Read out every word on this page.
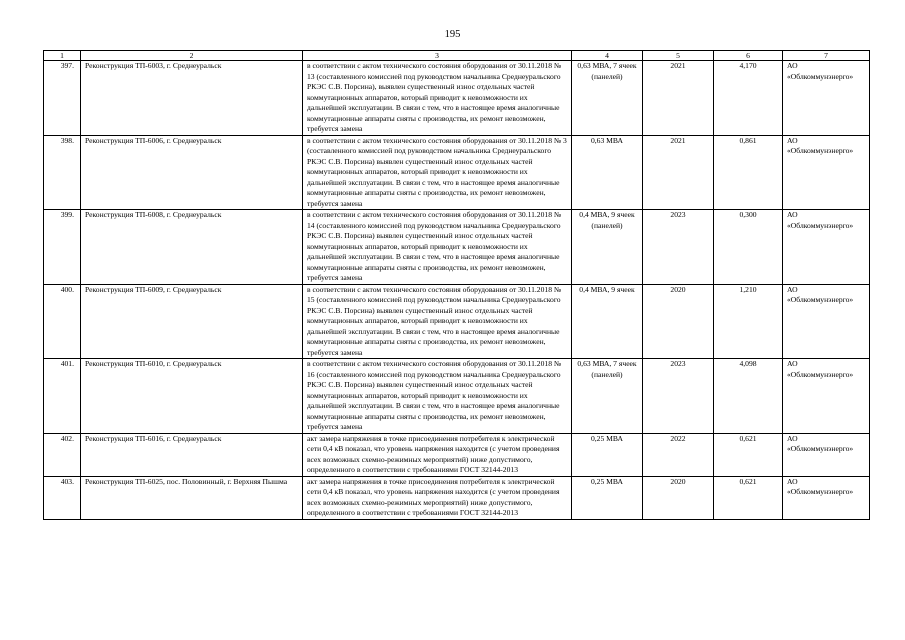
195
1	2	3	4	5	6	7
397.	Реконструкция ТП-6003, г. Среднеуральск	в соответствии с актом технического состояния оборудования от 30.11.2018 № 13 (составленного комиссией под руководством начальника Среднеуральского РКЭС С.В. Порсина), выявлен существенный износ отдельных частей коммутационных аппаратов, который приводит к невозможности их дальнейшей эксплуатации. В связи с тем, что в настоящее время аналогичные коммутационные аппараты сняты с производства, их ремонт невозможен, требуется замена	0,63 МВА, 7 ячеек (панелей)	2021	4,170	АО «Облкоммунэнерго»
398.	Реконструкция ТП-6006, г. Среднеуральск	в соответствии с актом технического состояния оборудования от 30.11.2018 № 3 (составленного комиссией под руководством начальника Среднеуральского РКЭС С.В. Порсина) выявлен существенный износ отдельных частей коммутационных аппаратов, который приводит к невозможности их дальнейшей эксплуатации. В связи с тем, что в настоящее время аналогичные коммутационные аппараты сняты с производства, их ремонт невозможен, требуется замена	0,63 МВА	2021	0,861	АО «Облкоммунэнерго»
399.	Реконструкция ТП-6008, г. Среднеуральск	в соответствии с актом технического состояния оборудования от 30.11.2018 № 14 (составленного комиссией под руководством начальника Среднеуральского РКЭС С.В. Порсина) выявлен существенный износ отдельных частей коммутационных аппаратов, который приводит к невозможности их дальнейшей эксплуатации. В связи с тем, что в настоящее время аналогичные коммутационные аппараты сняты с производства, их ремонт невозможен, требуется замена	0,4 МВА, 9 ячеек (панелей)	2023	0,300	АО «Облкоммунэнерго»
400.	Реконструкция ТП-6009, г. Среднеуральск	в соответствии с актом технического состояния оборудования от 30.11.2018 № 15 (составленного комиссией под руководством начальника Среднеуральского РКЭС С.В. Порсина) выявлен существенный износ отдельных частей коммутационных аппаратов, который приводит к невозможности их дальнейшей эксплуатации. В связи с тем, что в настоящее время аналогичные коммутационные аппараты сняты с производства, их ремонт невозможен, требуется замена	0,4 МВА, 9 ячеек	2020	1,210	АО «Облкоммунэнерго»
401.	Реконструкция ТП-6010, г. Среднеуральск	в соответствии с актом технического состояния оборудования от 30.11.2018 № 16 (составленного комиссией под руководством начальника Среднеуральского РКЭС С.В. Порсина) выявлен существенный износ отдельных частей коммутационных аппаратов, который приводит к невозможности их дальнейшей эксплуатации. В связи с тем, что в настоящее время аналогичные коммутационные аппараты сняты с производства, их ремонт невозможен, требуется замена	0,63 МВА, 7 ячеек (панелей)	2023	4,098	АО «Облкоммунэнерго»
402.	Реконструкция ТП-6016, г. Среднеуральск	акт замера напряжения в точке присоединения потребителя к электрической сети 0,4 кВ показал, что уровень напряжения находится (с учетом проведения всех возможных схемно-режимных мероприятий) ниже допустимого, определенного в соответствии с требованиями ГОСТ 32144-2013	0,25 МВА	2022	0,621	АО «Облкоммунэнерго»
403.	Реконструкция ТП-6025, пос. Половинный, г. Верхняя Пышма	акт замера напряжения в точке присоединения потребителя к электрической сети 0,4 кВ показал, что уровень напряжения находится (с учетом проведения всех возможных схемно-режимных мероприятий) ниже допустимого, определенного в соответствии с требованиями ГОСТ 32144-2013	0,25 МВА	2020	0,621	АО «Облкоммунэнерго»
